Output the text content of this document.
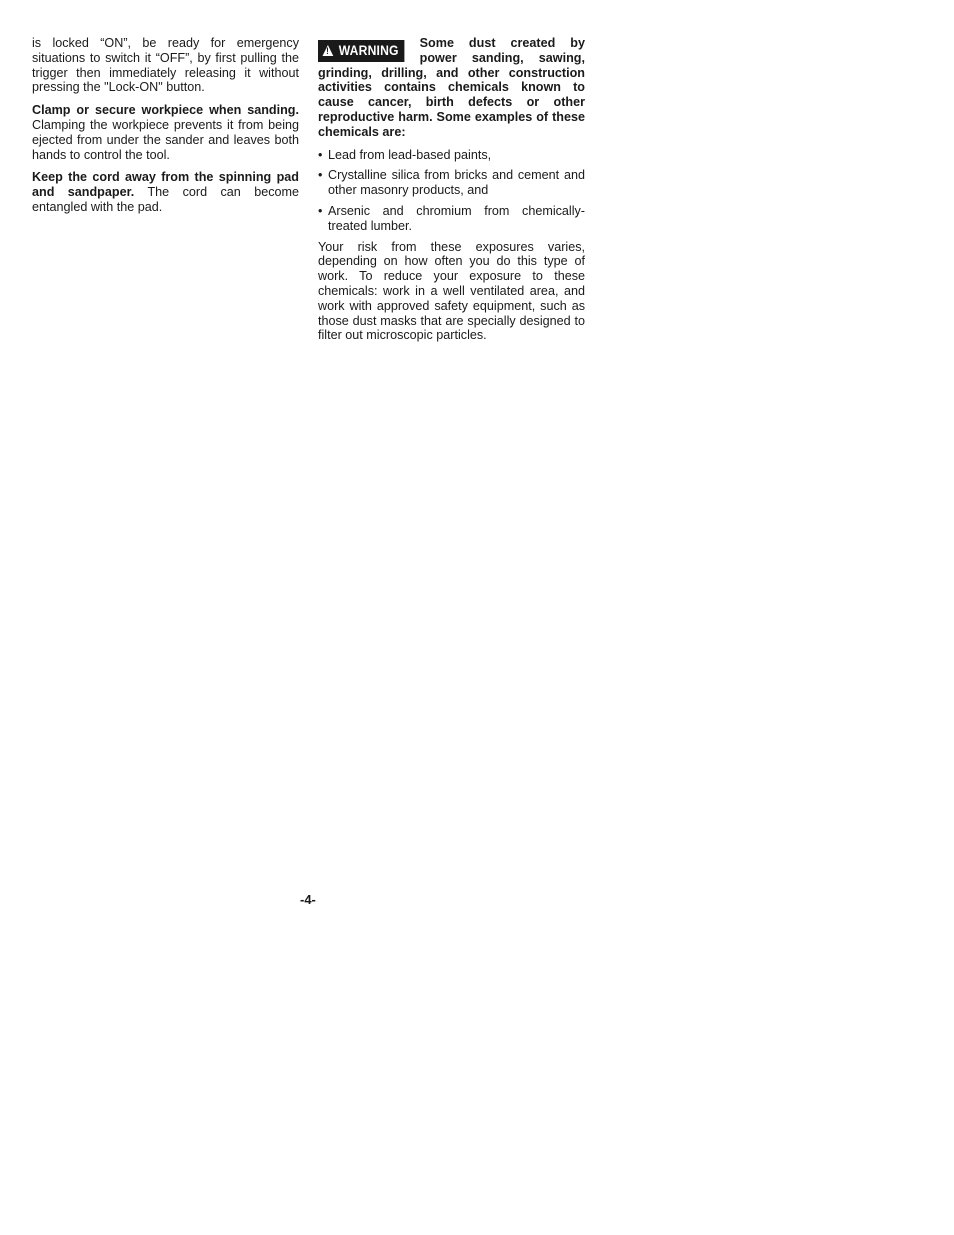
is locked “ON”, be ready for emergency situations to switch it “OFF”, by first pulling the trigger then immediately releasing it without pressing the "Lock-ON" button.

Clamp or secure workpiece when sanding. Clamping the workpiece prevents it from being ejected from under the sander and leaves both hands to control the tool.

Keep the cord away from the spinning pad and sandpaper. The cord can become entangled with the pad.

!WARNING	Some dust created by power sanding, sawing, grinding, drilling, and other construction activities contains chemicals known to cause cancer, birth defects or other reproductive harm. Some examples of these chemicals are:
• Lead from lead-based paints,
• Crystalline silica from bricks and cement and other masonry products, and
• Arsenic and chromium from chemically-treated lumber.

Your risk from these exposures varies, depending on how often you do this type of work. To reduce your exposure to these chemicals: work in a well ventilated area, and work with approved safety equipment, such as those dust masks that are specially designed to filter out microscopic particles.

-4-
